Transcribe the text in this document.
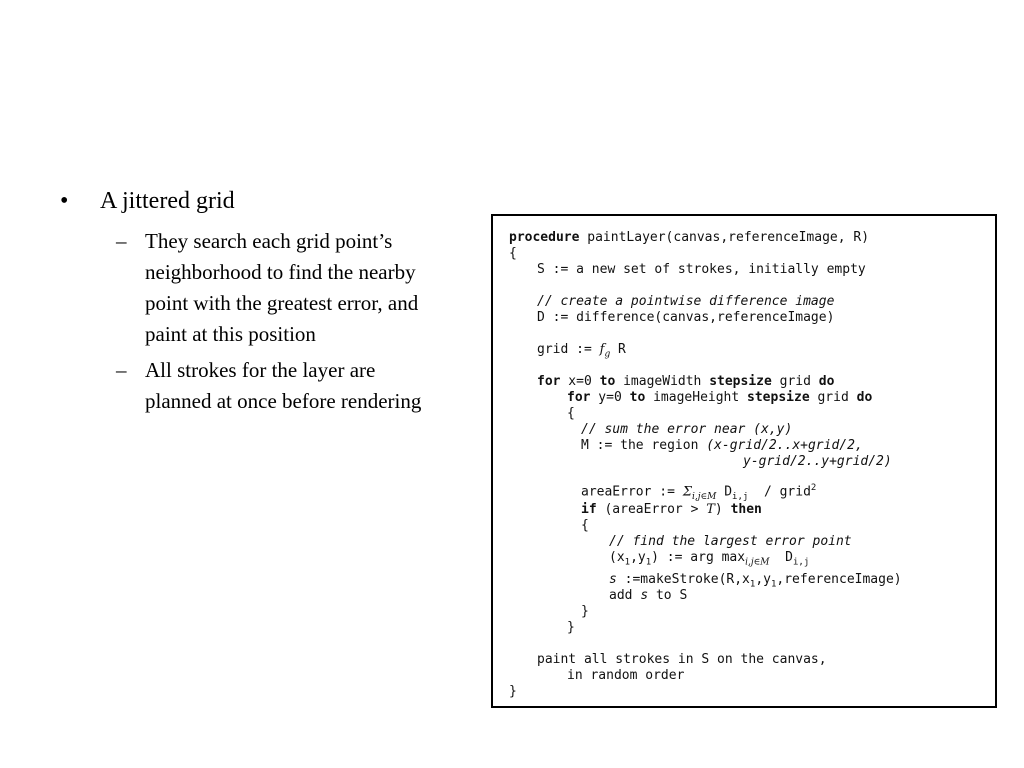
•	A jittered grid
– They search each grid point’s
neighborhood to find the nearby
point with the greatest error, and
paint at this position
– All strokes for the layer are
planned at once before rendering
procedure paintLayer(canvas,referenceImage, R)
{
S := a new set of strokes, initially empty
// create a pointwise difference image
D := difference(canvas,referenceImage)
grid := $f_g$ R
for x=0 to imageWidth stepsize grid do
for y=0 to imageHeight stepsize grid do
{
// sum the error near (x,y)
M := the region (x-grid/2..x+grid/2,
y-grid/2..y+grid/2)
areaError := $\Sigma_{i,j\in M}$ $D_{i,j}$  / grid$^2$
if (areaError > T) then
{
// find the largest error point
$(x_1,y_1)$ := arg $\max_{i,j\in M} D_{i,j}$
s $:=makeStroke(R,x_1,y_1,referenceImage)$
add s to S
}
}
paint all strokes in S on the canvas,
in random order
}
